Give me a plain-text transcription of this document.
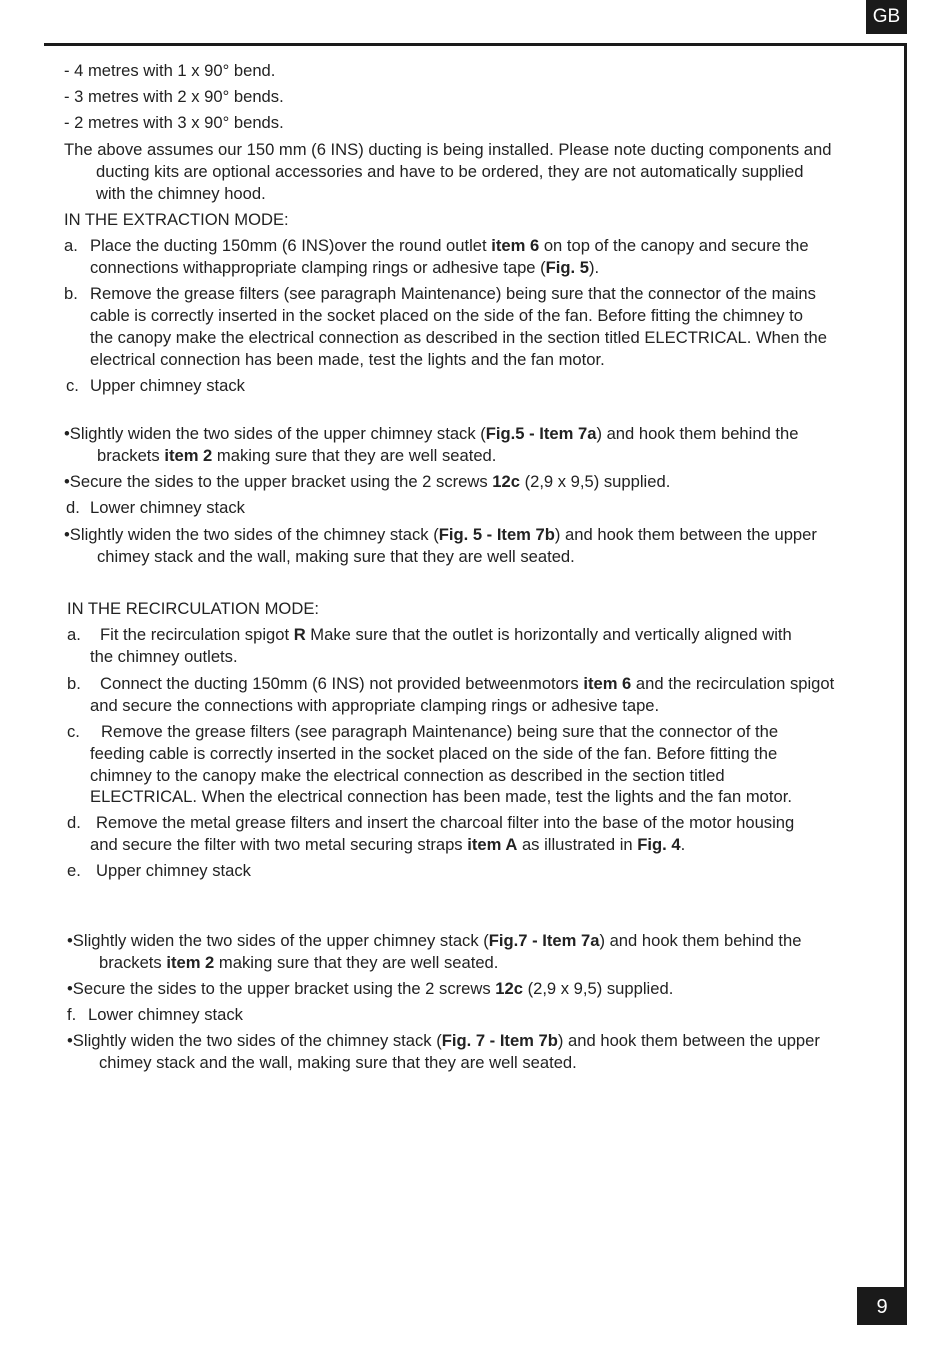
GB
9
- 4 metres with 1 x 90° bend.
- 3 metres with 2 x 90° bends.
- 2 metres with 3 x 90° bends.
The above assumes our 150 mm (6 INS) ducting is being installed. Please note ducting components and
ducting kits are optional accessories and have to be ordered, they are not automatically supplied
with the chimney hood.
IN THE EXTRACTION MODE:
a. Place the ducting 150mm (6 INS)over the round outlet item 6 on top of the canopy and secure the
connections withappropriate clamping rings or adhesive tape (Fig. 5).
b. Remove the grease filters (see paragraph Maintenance) being sure that the connector of the mains
cable is correctly inserted in the socket placed on the side of the fan. Before fitting the chimney to
the canopy make the electrical connection as described in the section titled ELECTRICAL. When the
electrical connection has been made, test the lights and the fan motor.
c. Upper chimney stack
•Slightly widen the two sides of the upper chimney stack (Fig.5 - Item 7a) and hook them behind the
brackets item 2 making sure that they are well seated.
•Secure the sides to the upper bracket using the 2 screws 12c (2,9 x 9,5) supplied.
d. Lower chimney stack
•Slightly widen the two sides of the chimney stack (Fig. 5 - Item 7b) and hook them between the upper
chimey stack and the wall, making sure that they are well seated.
IN THE RECIRCULATION MODE:
a. Fit the recirculation spigot R Make sure that the outlet is horizontally and vertically aligned with
the chimney outlets.
b. Connect the ducting 150mm (6 INS) not provided betweenmotors item 6 and the recirculation spigot
and secure the connections with appropriate clamping rings or adhesive tape.
c. Remove the grease filters (see paragraph Maintenance) being sure that the connector of the
feeding cable is correctly inserted in the socket placed on the side of the fan. Before fitting the
chimney to the canopy make the electrical connection as described in the section titled
ELECTRICAL. When the electrical connection has been made, test the lights and the fan motor.
d. Remove the metal grease filters and insert the charcoal filter into the base of the motor housing
and secure the filter with two metal securing straps item A as illustrated in Fig. 4.
e. Upper chimney stack
•Slightly widen the two sides of the upper chimney stack (Fig.7 - Item 7a) and hook them behind the
brackets item 2 making sure that they are well seated.
•Secure the sides to the upper bracket using the 2 screws 12c (2,9 x 9,5) supplied.
f. Lower chimney stack
•Slightly widen the two sides of the chimney stack (Fig. 7 - Item 7b) and hook them between the upper
chimey stack and the wall, making sure that they are well seated.
